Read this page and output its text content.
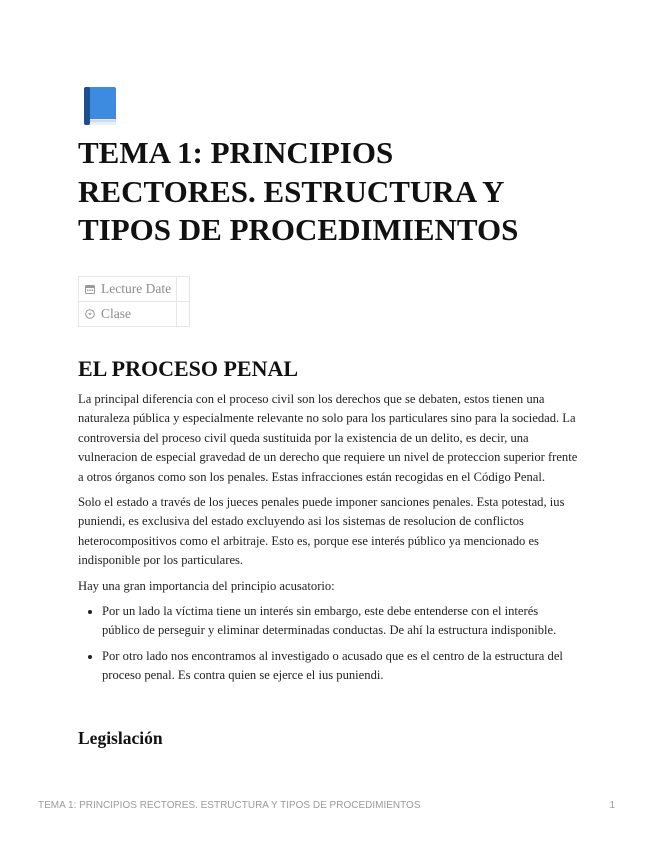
TEMA 1: PRINCIPIOS RECTORES. ESTRUCTURA Y TIPOS DE PROCEDIMIENTOS
Lecture Date	
Clase	
EL PROCESO PENAL

La principal diferencia con el proceso civil son los derechos que se debaten, estos tienen una naturaleza pública y especialmente relevante no solo para los particulares sino para la sociedad. La controversia del proceso civil queda sustituida por la existencia de un delito, es decir, una vulneracion de especial gravedad de un derecho que requiere un nivel de proteccion superior frente a otros órganos como son los penales. Estas infracciones están recogidas en el Código Penal.

Solo el estado a través de los jueces penales puede imponer sanciones penales. Esta potestad, ius puniendi, es exclusiva del estado excluyendo asi los sistemas de resolucion de conflictos heterocompositivos como el arbitraje. Esto es, porque ese interés público ya mencionado es indisponible por los particulares.

Hay una gran importancia del principio acusatorio:

• Por un lado la víctima tiene un interés sin embargo, este debe entenderse con el interés público de perseguir y eliminar determinadas conductas. De ahí la estructura indisponible.
• Por otro lado nos encontramos al investigado o acusado que es el centro de la estructura del proceso penal. Es contra quien se ejerce el ius puniendi.
Legislación
TEMA 1: PRINCIPIOS RECTORES. ESTRUCTURA Y TIPOS DE PROCEDIMIENTOS	1
